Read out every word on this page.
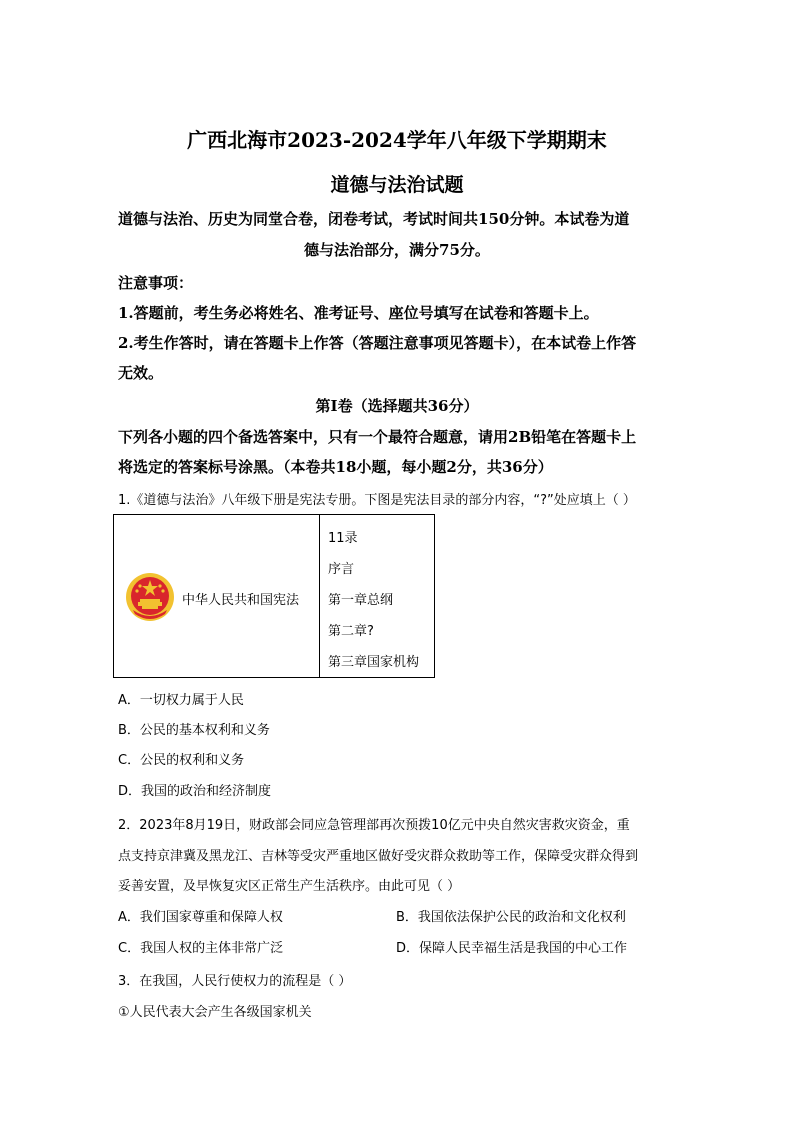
广西北海市2023-2024学年八年级下学期期末
道德与法治试题
道德与法治、历史为同堂合卷，闭卷考试，考试时间共150分钟。本试卷为道
德与法治部分，满分75分。
注意事项：
1.答题前，考生务必将姓名、准考证号、座位号填写在试卷和答题卡上。
2.考生作答时，请在答题卡上作答（答题注意事项见答题卡），在本试卷上作答
无效。
第I卷（选择题共36分）
下列各小题的四个备选答案中，只有一个最符合题意，请用2B铅笔在答题卡上
将选定的答案标号涂黑。（本卷共18小题，每小题2分，共36分）
1.《道德与法治》八年级下册是宪法专册。下图是宪法目录的部分内容，“?”处应填上（ ）
中华人民共和国宪法
11录
序言
第一章总纲
第二章?
第三章国家机构
A．一切权力属于人民
B．公民的基本权利和义务
C．公民的权利和义务
D．我国的政治和经济制度
2．2023年8月19日，财政部会同应急管理部再次预拨10亿元中央自然灾害救灾资金，重
点支持京津冀及黑龙江、吉林等受灾严重地区做好受灾群众救助等工作，保障受灾群众得到
妥善安置，及早恢复灾区正常生产生活秩序。由此可见（ ）
A．我们国家尊重和保障人权	B．我国依法保护公民的政治和文化权利
C．我国人权的主体非常广泛	D．保障人民幸福生活是我国的中心工作
3．在我国，人民行使权力的流程是（ ）
①人民代表大会产生各级国家机关
